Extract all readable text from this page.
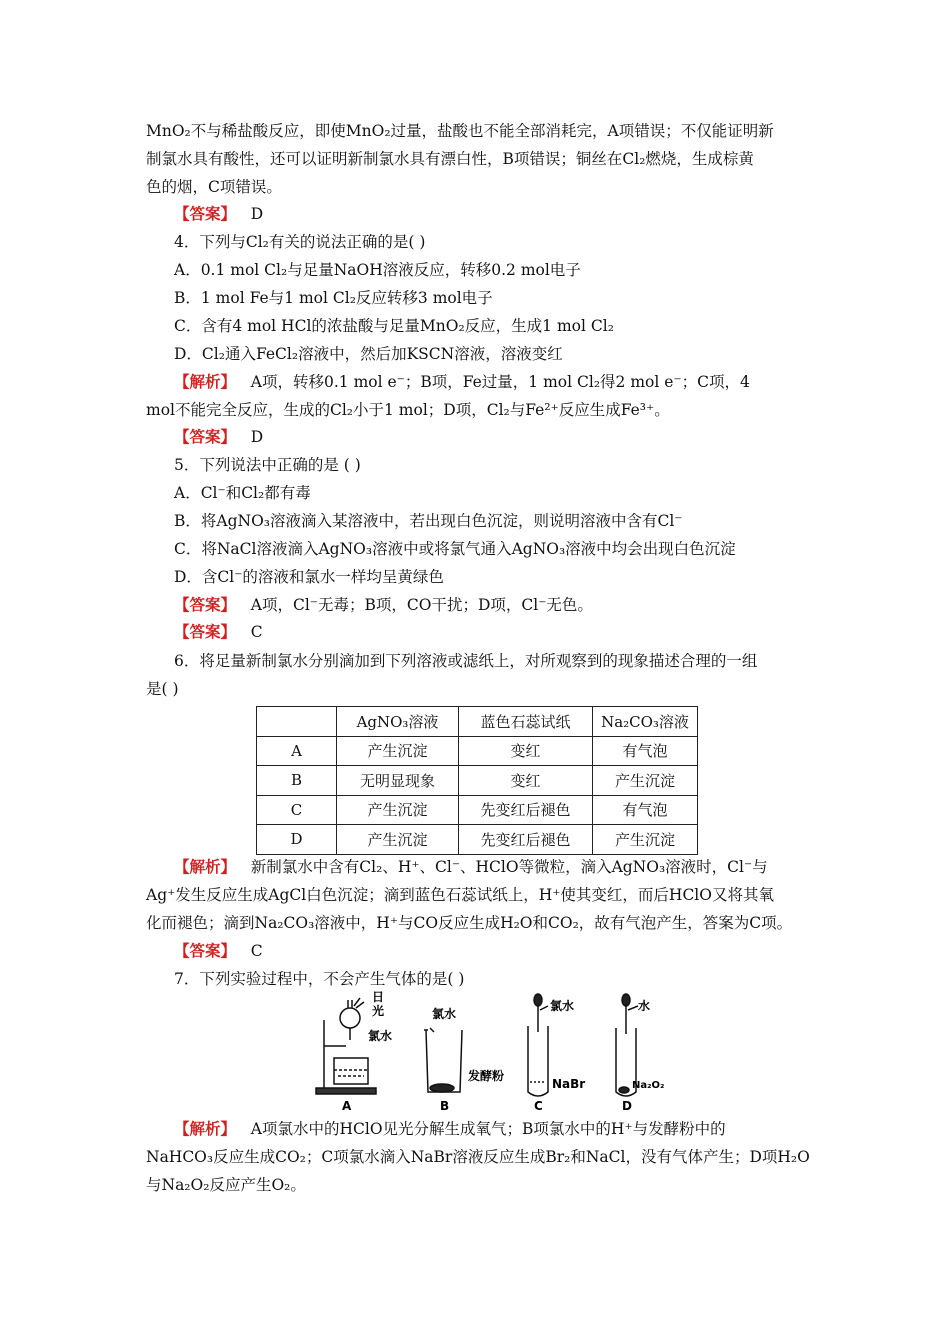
MnO₂不与稀盐酸反应，即使MnO₂过量，盐酸也不能全部消耗完，A项错误；不仅能证明新
制氯水具有酸性，还可以证明新制氯水具有漂白性，B项错误；铜丝在Cl₂燃烧，生成棕黄
色的烟，C项错误。
【答案】 D
4．下列与Cl₂有关的说法正确的是( )
A．0.1 mol Cl₂与足量NaOH溶液反应，转移0.2 mol电子
B．1 mol Fe与1 mol Cl₂反应转移3 mol电子
C．含有4 mol HCl的浓盐酸与足量MnO₂反应，生成1 mol Cl₂
D．Cl₂通入FeCl₂溶液中，然后加KSCN溶液，溶液变红
【解析】 A项，转移0.1 mol e⁻；B项，Fe过量，1 mol Cl₂得2 mol e⁻；C项，4
mol不能完全反应，生成的Cl₂小于1 mol；D项，Cl₂与Fe²⁺反应生成Fe³⁺。
【答案】 D
5．下列说法中正确的是 ( )
A．Cl⁻和Cl₂都有毒
B．将AgNO₃溶液滴入某溶液中，若出现白色沉淀，则说明溶液中含有Cl⁻
C．将NaCl溶液滴入AgNO₃溶液中或将氯气通入AgNO₃溶液中均会出现白色沉淀
D．含Cl⁻的溶液和氯水一样均呈黄绿色
【答案】 A项，Cl⁻无毒；B项，CO干扰；D项，Cl⁻无色。
【答案】 C
6．将足量新制氯水分别滴加到下列溶液或滤纸上，对所观察到的现象描述合理的一组
是( )
	AgNO₃溶液	蓝色石蕊试纸	Na₂CO₃溶液
A	产生沉淀	变红	有气泡
B	无明显现象	变红	产生沉淀
C	产生沉淀	先变红后褪色	有气泡
D	产生沉淀	先变红后褪色	产生沉淀
【解析】 新制氯水中含有Cl₂、H⁺、Cl⁻、HClO等微粒，滴入AgNO₃溶液时，Cl⁻与
Ag⁺发生反应生成AgCl白色沉淀；滴到蓝色石蕊试纸上，H⁺使其变红，而后HClO又将其氧
化而褪色；滴到Na₂CO₃溶液中，H⁺与CO反应生成H₂O和CO₂，故有气泡产生，答案为C项。
【答案】 C
7．下列实验过程中，不会产生气体的是( )
日
光
氯水
A
氯水
发酵粉
B
氯水
NaBr
C
水
Na₂O₂
D
【解析】 A项氯水中的HClO见光分解生成氧气；B项氯水中的H⁺与发酵粉中的
NaHCO₃反应生成CO₂；C项氯水滴入NaBr溶液反应生成Br₂和NaCl，没有气体产生；D项H₂O
与Na₂O₂反应产生O₂。
